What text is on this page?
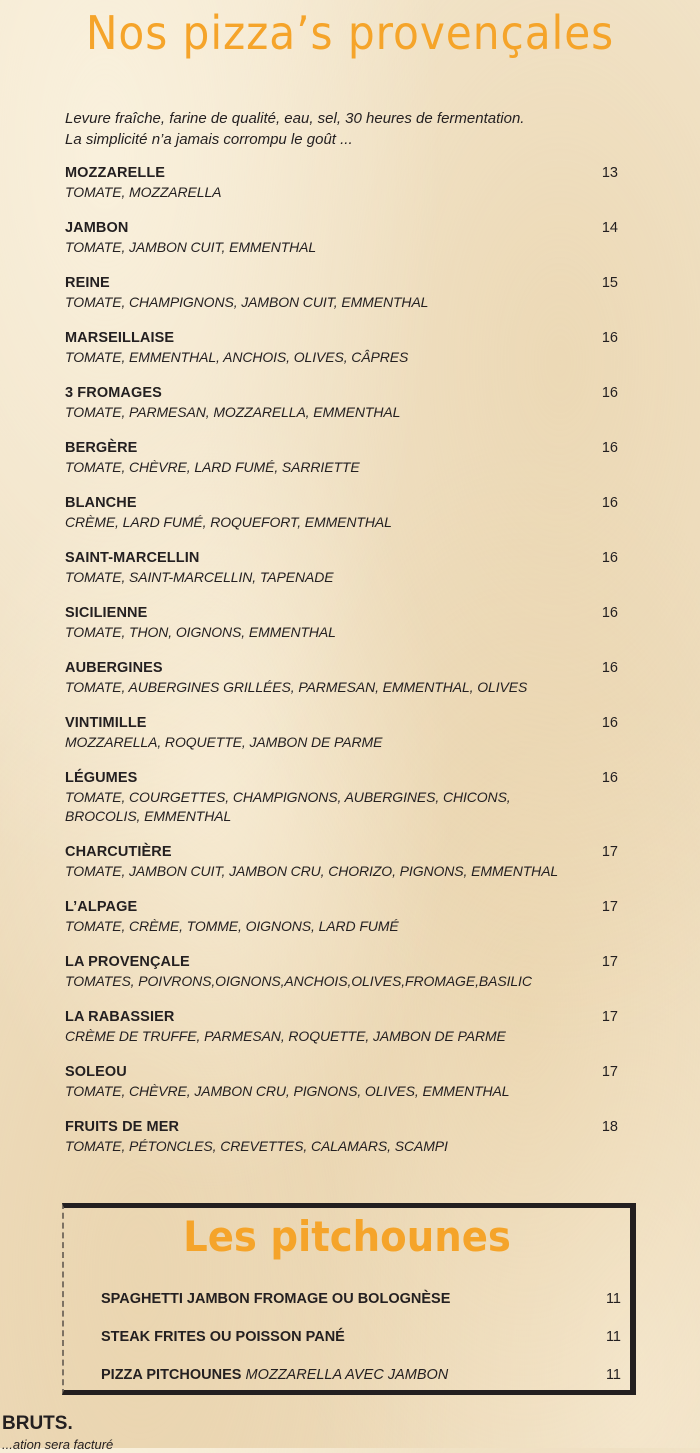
Nos pizza’s provençales

Levure fraîche, farine de qualité, eau, sel, 30 heures de fermentation.

La simplicité n’a jamais corrompu le goût ...

MOZZARELLE
TOMATE, MOZZARELLA
13
JAMBON
TOMATE, JAMBON CUIT, EMMENTHAL
14
REINE
TOMATE, CHAMPIGNONS, JAMBON CUIT, EMMENTHAL
15
MARSEILLAISE
TOMATE, EMMENTHAL, ANCHOIS, OLIVES, CÂPRES
16
3 FROMAGES
TOMATE, PARMESAN, MOZZARELLA, EMMENTHAL
16
BERGÈRE
TOMATE, CHÈVRE, LARD FUMÉ, SARRIETTE
16
BLANCHE
CRÈME, LARD FUMÉ, ROQUEFORT, EMMENTHAL
16
SAINT-MARCELLIN
TOMATE, SAINT-MARCELLIN, TAPENADE
16
SICILIENNE
TOMATE, THON, OIGNONS, EMMENTHAL
16
AUBERGINES
TOMATE, AUBERGINES GRILLÉES, PARMESAN, EMMENTHAL, OLIVES
16
VINTIMILLE
MOZZARELLA, ROQUETTE, JAMBON DE PARME
16
LÉGUMES
TOMATE, COURGETTES, CHAMPIGNONS, AUBERGINES, CHICONS, BROCOLIS, EMMENTHAL
16
CHARCUTIÈRE
TOMATE, JAMBON CUIT, JAMBON CRU, CHORIZO, PIGNONS, EMMENTHAL
17
L’ALPAGE
TOMATE, CRÈME, TOMME, OIGNONS, LARD FUMÉ
17
LA PROVENÇALE
TOMATES, POIVRONS,OIGNONS,ANCHOIS,OLIVES,FROMAGE,BASILIC
17
LA RABASSIER
CRÈME DE TRUFFE, PARMESAN, ROQUETTE, JAMBON DE PARME
17
SOLEOU
TOMATE, CHÈVRE, JAMBON CRU, PIGNONS, OLIVES, EMMENTHAL
17
FRUITS DE MER
TOMATE, PÉTONCLES, CREVETTES, CALAMARS, SCAMPI
18
Les pitchounes
SPAGHETTI JAMBON FROMAGE OU BOLOGNÈSE	11
STEAK FRITES OU POISSON PANÉ	11
PIZZA PITCHOUNES MOZZARELLA AVEC JAMBON	11
BRUTS.
...ation sera facturé
